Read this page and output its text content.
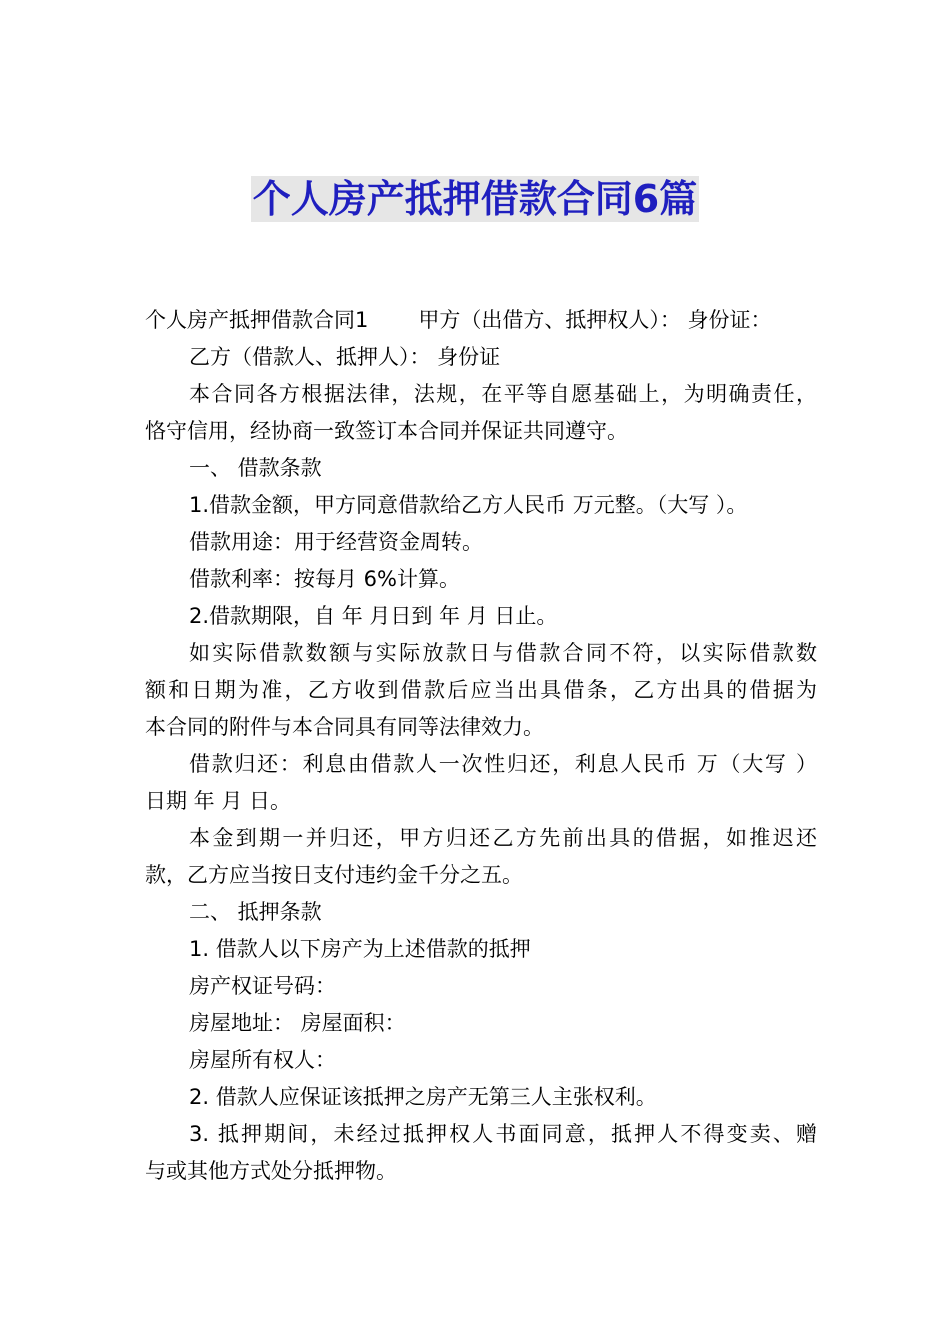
个人房产抵押借款合同6篇
个人房产抵押借款合同1 甲方（出借方、抵押权人）： 身份证：
乙方（借款人、抵押人）： 身份证
本合同各方根据法律，法规，在平等自愿基础上，为明确责任，
恪守信用，经协商一致签订本合同并保证共同遵守。
一、 借款条款
1.借款金额，甲方同意借款给乙方人民币 万元整。（大写 ）。
借款用途：用于经营资金周转。
借款利率：按每月 6%计算。
2.借款期限，自 年 月日到 年 月 日止。
如实际借款数额与实际放款日与借款合同不符，以实际借款数
额和日期为准，乙方收到借款后应当出具借条，乙方出具的借据为
本合同的附件与本合同具有同等法律效力。
借款归还：利息由借款人一次性归还，利息人民币 万（大写 ）
日期 年 月 日。
本金到期一并归还，甲方归还乙方先前出具的借据，如推迟还
款，乙方应当按日支付违约金千分之五。
二、 抵押条款
1. 借款人以下房产为上述借款的抵押
房产权证号码：
房屋地址： 房屋面积：
房屋所有权人：
2. 借款人应保证该抵押之房产无第三人主张权利。
3. 抵押期间，未经过抵押权人书面同意，抵押人不得变卖、赠
与或其他方式处分抵押物。
